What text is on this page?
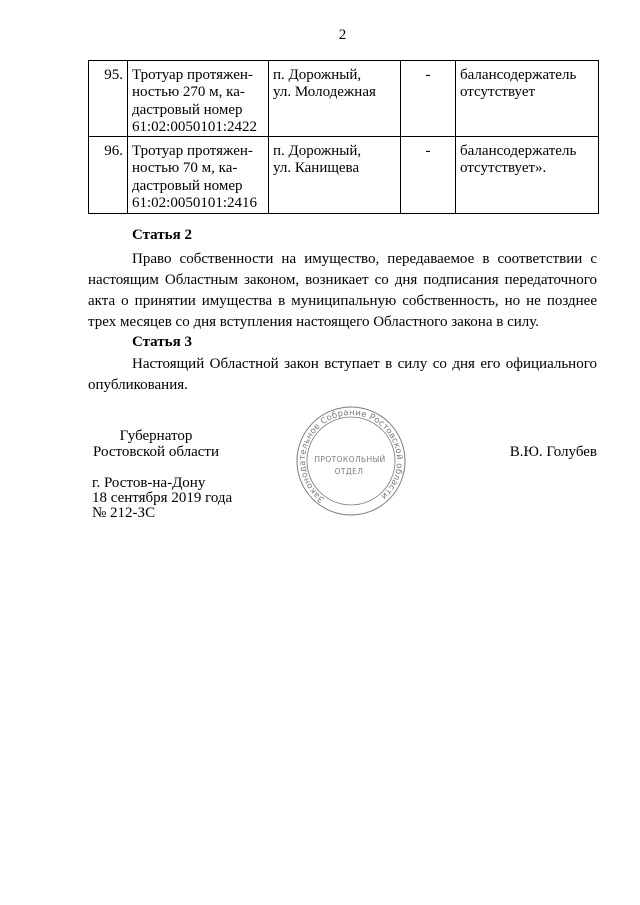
2
95.	Тротуар протяжен-
ностью 270 м, ка-
дастровый номер
61:02:0050101:2422	п. Дорожный,
ул. Молодежная	-	балансодержатель
отсутствует
96.	Тротуар протяжен-
ностью 70 м, ка-
дастровый номер
61:02:0050101:2416	п. Дорожный,
ул. Канищева	-	балансодержатель
отсутствует».
Статья 2
Право собственности на имущество, передаваемое в соответствии с
настоящим Областным законом, возникает со дня подписания передаточного
акта о принятии имущества в муниципальную собственность, но не позднее
трех месяцев со дня вступления настоящего Областного закона в силу.
Статья 3
Настоящий Областной закон вступает в силу со дня его официального
опубликования.
Губернатор
Ростовской области
Законодательное Собрание Ростовской области
ПРОТОКОЛЬНЫЙ
ОТДЕЛ
В.Ю. Голубев
г. Ростов-на-Дону
18 сентября 2019 года
№ 212-ЗС
